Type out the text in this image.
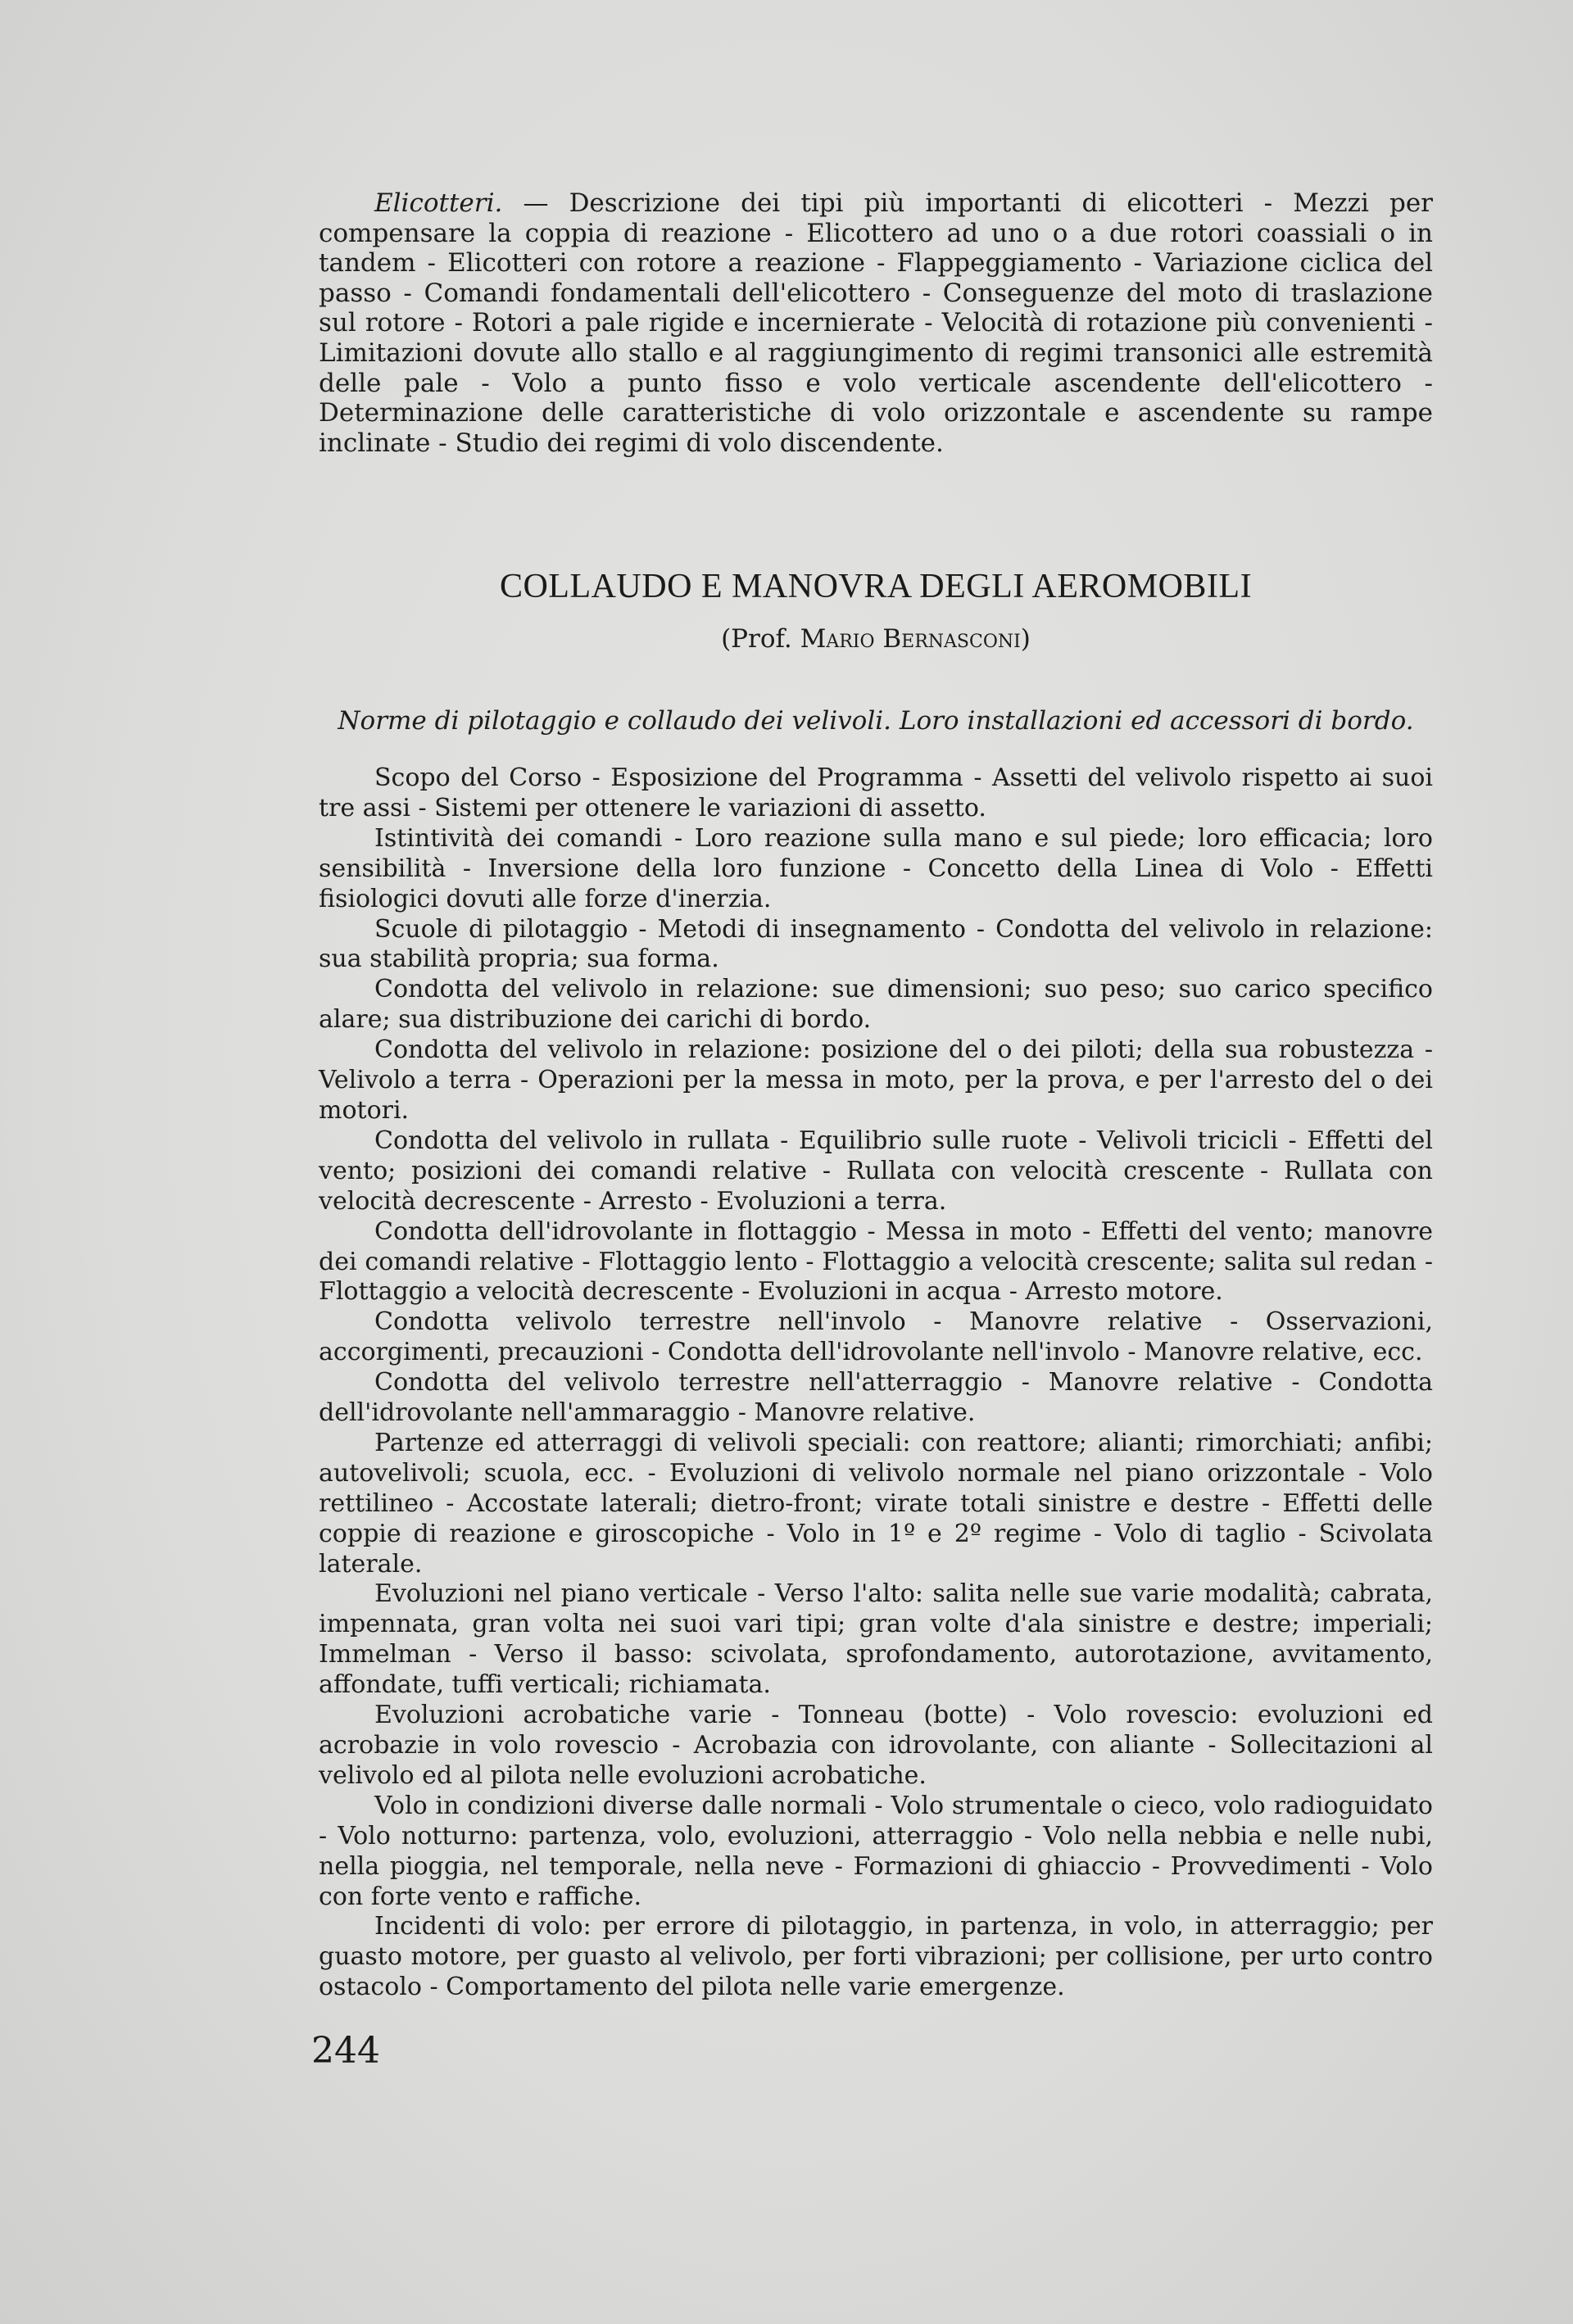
Elicotteri. — Descrizione dei tipi più importanti di elicotteri - Mezzi per compensare la coppia di reazione - Elicottero ad uno o a due rotori coassiali o in tandem - Elicotteri con rotore a reazione - Flappeggiamento - Variazione ciclica del passo - Comandi fondamentali dell'elicottero - Conseguenze del moto di traslazione sul rotore - Rotori a pale rigide e incernierate - Velocità di rotazione più convenienti - Limitazioni dovute allo stallo e al raggiungimento di regimi transonici alle estremità delle pale - Volo a punto fisso e volo verticale ascendente dell'elicottero - Determinazione delle caratteristiche di volo orizzontale e ascendente su rampe inclinate - Studio dei regimi di volo discendente.

COLLAUDO E MANOVRA DEGLI AEROMOBILI

(Prof. Mario Bernasconi)

Norme di pilotaggio e collaudo dei velivoli. Loro installazioni ed accessori di bordo.

Scopo del Corso - Esposizione del Programma - Assetti del velivolo rispetto ai suoi tre assi - Sistemi per ottenere le variazioni di assetto.

Istintività dei comandi - Loro reazione sulla mano e sul piede; loro efficacia; loro sensibilità - Inversione della loro funzione - Concetto della Linea di Volo - Effetti fisiologici dovuti alle forze d'inerzia.

Scuole di pilotaggio - Metodi di insegnamento - Condotta del velivolo in relazione: sua stabilità propria; sua forma.

Condotta del velivolo in relazione: sue dimensioni; suo peso; suo carico specifico alare; sua distribuzione dei carichi di bordo.

Condotta del velivolo in relazione: posizione del o dei piloti; della sua robustezza - Velivolo a terra - Operazioni per la messa in moto, per la prova, e per l'arresto del o dei motori.

Condotta del velivolo in rullata - Equilibrio sulle ruote - Velivoli tricicli - Effetti del vento; posizioni dei comandi relative - Rullata con velocità crescente - Rullata con velocità decrescente - Arresto - Evoluzioni a terra.

Condotta dell'idrovolante in flottaggio - Messa in moto - Effetti del vento; manovre dei comandi relative - Flottaggio lento - Flottaggio a velocità crescente; salita sul redan - Flottaggio a velocità decrescente - Evoluzioni in acqua - Arresto motore.

Condotta velivolo terrestre nell'involo - Manovre relative - Osservazioni, accorgimenti, precauzioni - Condotta dell'idrovolante nell'involo - Manovre relative, ecc.

Condotta del velivolo terrestre nell'atterraggio - Manovre relative - Condotta dell'idrovolante nell'ammaraggio - Manovre relative.

Partenze ed atterraggi di velivoli speciali: con reattore; alianti; rimorchiati; anfibi; autovelivoli; scuola, ecc. - Evoluzioni di velivolo normale nel piano orizzontale - Volo rettilineo - Accostate laterali; dietro-front; virate totali sinistre e destre - Effetti delle coppie di reazione e giroscopiche - Volo in 1º e 2º regime - Volo di taglio - Scivolata laterale.

Evoluzioni nel piano verticale - Verso l'alto: salita nelle sue varie modalità; cabrata, impennata, gran volta nei suoi vari tipi; gran volte d'ala sinistre e destre; imperiali; Immelman - Verso il basso: scivolata, sprofondamento, autorotazione, avvitamento, affondate, tuffi verticali; richiamata.

Evoluzioni acrobatiche varie - Tonneau (botte) - Volo rovescio: evoluzioni ed acrobazie in volo rovescio - Acrobazia con idrovolante, con aliante - Sollecitazioni al velivolo ed al pilota nelle evoluzioni acrobatiche.

Volo in condizioni diverse dalle normali - Volo strumentale o cieco, volo radioguidato - Volo notturno: partenza, volo, evoluzioni, atterraggio - Volo nella nebbia e nelle nubi, nella pioggia, nel temporale, nella neve - Formazioni di ghiaccio - Provvedimenti - Volo con forte vento e raffiche.

Incidenti di volo: per errore di pilotaggio, in partenza, in volo, in atterraggio; per guasto motore, per guasto al velivolo, per forti vibrazioni; per collisione, per urto contro ostacolo - Comportamento del pilota nelle varie emergenze.

244
